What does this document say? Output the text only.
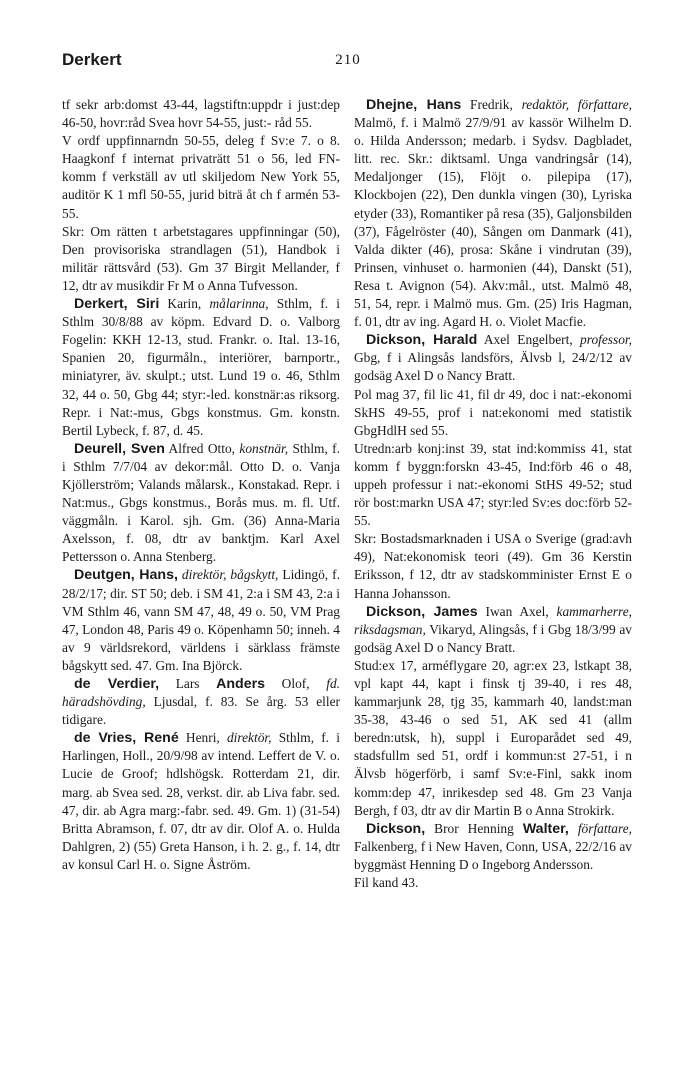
Derkert	210

tf sekr arb:domst 43-44, lagstiftn:uppdr i just:dep 46-50, hovr:råd Svea hovr 54-55, just:- råd 55.

V ordf uppfinnarndn 50-55, deleg f Sv:e 7. o 8. Haagkonf f internat privaträtt 51 o 56, led FN-komm f verkställ av utl skiljedom New York 55, auditör K 1 mfl 50-55, jurid biträ åt ch f armén 53-55.

Skr: Om rätten t arbetstagares uppfinningar (50), Den provisoriska strandlagen (51), Handbok i militär rättsvård (53). Gm 37 Birgit Mellander, f 12, dtr av musikdir Fr M o Anna Tufvesson.

Derkert, Siri Karin, målarinna, Sthlm, f. i Sthlm 30/8/88 av köpm. Edvard D. o. Valborg Fogelin: KKH 12-13, stud. Frankr. o. Ital. 13-16, Spanien 20, figurmåln., interiörer, barnportr., miniatyrer, äv. skulpt.; utst. Lund 19 o. 46, Sthlm 32, 44 o. 50, Gbg 44; styr:-led. konstnär:as riksorg. Repr. i Nat:-mus, Gbgs konstmus. Gm. konstn. Bertil Lybeck, f. 87, d. 45.

Deurell, Sven Alfred Otto, konstnär, Sthlm, f. i Sthlm 7/7/04 av dekor:mål. Otto D. o. Vanja Kjöllerström; Valands målarsk., Konstakad. Repr. i Nat:mus., Gbgs konstmus., Borås mus. m. fl. Utf. väggmåln. i Karol. sjh. Gm. (36) Anna-Maria Axelsson, f. 08, dtr av banktjm. Karl Axel Pettersson o. Anna Stenberg.

Deutgen, Hans, direktör, bågskytt, Lidingö, f. 28/2/17; dir. ST 50; deb. i SM 41, 2:a i SM 43, 2:a i VM Sthlm 46, vann SM 47, 48, 49 o. 50, VM Prag 47, London 48, Paris 49 o. Köpenhamn 50; inneh. 4 av 9 världsrekord, världens i särklass främste bågskytt sed. 47. Gm. Ina Björck.

de Verdier, Lars Anders Olof, fd. häradshövding, Ljusdal, f. 83. Se årg. 53 eller tidigare.

de Vries, René Henri, direktör, Sthlm, f. i Harlingen, Holl., 20/9/98 av intend. Leffert de V. o. Lucie de Groof; hdlshögsk. Rotterdam 21, dir. marg. ab Svea sed. 28, verkst. dir. ab Liva fabr. sed. 47, dir. ab Agra marg:-fabr. sed. 49. Gm. 1) (31-54) Britta Abramson, f. 07, dtr av dir. Olof A. o. Hulda Dahlgren, 2) (55) Greta Hanson, i h. 2. g., f. 14, dtr av konsul Carl H. o. Signe Åström.

Dhejne, Hans Fredrik, redaktör, författare, Malmö, f. i Malmö 27/9/91 av kassör Wilhelm D. o. Hilda Andersson; medarb. i Sydsv. Dagbladet, litt. rec. Skr.: diktsaml. Unga vandringsår (14), Medaljonger (15), Flöjt o. pilepipa (17), Klockbojen (22), Den dunkla vingen (30), Lyriska etyder (33), Romantiker på resa (35), Galjonsbilden (37), Fågelröster (40), Sången om Danmark (41), Valda dikter (46), prosa: Skåne i vindrutan (39), Prinsen, vinhuset o. harmonien (44), Danskt (51), Resa t. Avignon (54). Akv:mål., utst. Malmö 48, 51, 54, repr. i Malmö mus. Gm. (25) Iris Hagman, f. 01, dtr av ing. Agard H. o. Violet Macfie.

Dickson, Harald Axel Engelbert, professor, Gbg, f i Alingsås landsförs, Älvsb l, 24/2/12 av godsäg Axel D o Nancy Bratt.

Pol mag 37, fil lic 41, fil dr 49, doc i nat:-ekonomi SkHS 49-55, prof i nat:ekonomi med statistik GbgHdlH sed 55.

Utredn:arb konj:inst 39, stat ind:kommiss 41, stat komm f byggn:forskn 43-45, Ind:förb 46 o 48, uppeh professur i nat:-ekonomi StHS 49-52; stud rör bost:markn USA 47; styr:led Sv:es doc:förb 52-55.

Skr: Bostadsmarknaden i USA o Sverige (grad:avh 49), Nat:ekonomisk teori (49). Gm 36 Kerstin Eriksson, f 12, dtr av stadskomminister Ernst E o Hanna Johansson.

Dickson, James Iwan Axel, kammarherre, riksdagsman, Vikaryd, Alingsås, f i Gbg 18/3/99 av godsäg Axel D o Nancy Bratt.

Stud:ex 17, arméflygare 20, agr:ex 23, lstkapt 38, vpl kapt 44, kapt i finsk tj 39-40, i res 48, kammarjunk 28, tjg 35, kammarh 40, landst:man 35-38, 43-46 o sed 51, AK sed 41 (allm beredn:utsk, h), suppl i Europarådet sed 49, stadsfullm sed 51, ordf i kommun:st 27-51, i n Älvsb högerförb, i samf Sv:e-Finl, sakk inom komm:dep 47, inrikesdep sed 48. Gm 23 Vanja Bergh, f 03, dtr av dir Martin B o Anna Strokirk.

Dickson, Bror Henning Walter, författare, Falkenberg, f i New Haven, Conn, USA, 22/2/16 av byggmäst Henning D o Ingeborg Andersson.

Fil kand 43.
